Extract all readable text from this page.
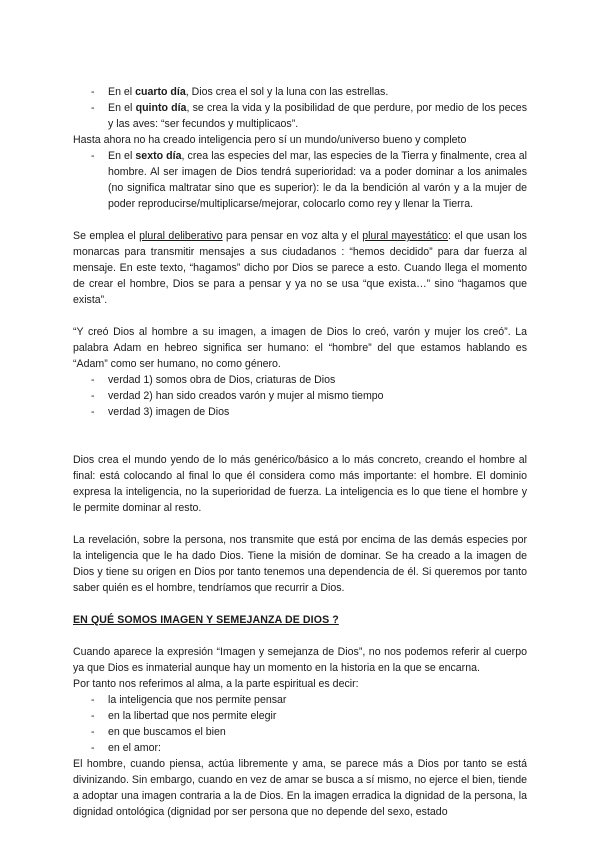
- En el cuarto día, Dios crea el sol y la luna con las estrellas.
- En el quinto día, se crea la vida y la posibilidad de que perdure, por medio de los peces y las aves: “ser fecundos y multiplicaos”.

Hasta ahora no ha creado inteligencia pero sí un mundo/universo bueno y completo

- En el sexto día, crea las especies del mar, las especies de la Tierra y finalmente, crea al hombre. Al ser imagen de Dios tendrá superioridad: va a poder dominar a los animales (no significa maltratar sino que es superior): le da la bendición al varón y a la mujer de poder reproducirse/multiplicarse/mejorar, colocarlo como rey y llenar la Tierra.

Se emplea el plural deliberativo para pensar en voz alta y el plural mayestático: el que usan los monarcas para transmitir mensajes a sus ciudadanos : “hemos decidido” para dar fuerza al mensaje. En este texto, “hagamos” dicho por Dios se parece a esto. Cuando llega el momento de crear el hombre, Dios se para a pensar y ya no se usa “que exista…” sino “hagamos que exista”.

“Y creó Dios al hombre a su imagen, a imagen de Dios lo creó, varón y mujer los creó”. La palabra Adam en hebreo significa ser humano: el “hombre” del que estamos hablando es “Adam” como ser humano, no como género.

- verdad 1) somos obra de Dios, criaturas de Dios
- verdad 2) han sido creados varón y mujer al mismo tiempo
- verdad 3) imagen de Dios

Dios crea el mundo yendo de lo más genérico/básico a lo más concreto, creando el hombre al final: está colocando al final lo que él considera como más importante: el hombre. El dominio expresa la inteligencia, no la superioridad de fuerza. La inteligencia es lo que tiene el hombre y le permite dominar al resto.

La revelación, sobre la persona, nos transmite que está por encima de las demás especies por la inteligencia que le ha dado Dios. Tiene la misión de dominar. Se ha creado a la imagen de Dios y tiene su origen en Dios por tanto tenemos una dependencia de él. Si queremos por tanto saber quién es el hombre, tendríamos que recurrir a Dios.

EN QUÉ SOMOS IMAGEN Y SEMEJANZA DE DIOS ?

Cuando aparece la expresión “Imagen y semejanza de Dios”, no nos podemos referir al cuerpo ya que Dios es inmaterial aunque hay un momento en la historia en la que se encarna.

Por tanto nos referimos al alma, a la parte espiritual es decir:

- la inteligencia que nos permite pensar
- en la libertad que nos permite elegir
- en que buscamos el bien
- en el amor:

El hombre, cuando piensa, actúa libremente y ama, se parece más a Dios por tanto se está divinizando. Sin embargo, cuando en vez de amar se busca a sí mismo, no ejerce el bien, tiende a adoptar una imagen contraria a la de Dios. En la imagen erradica la dignidad de la persona, la dignidad ontológica (dignidad por ser persona que no depende del sexo, estado
